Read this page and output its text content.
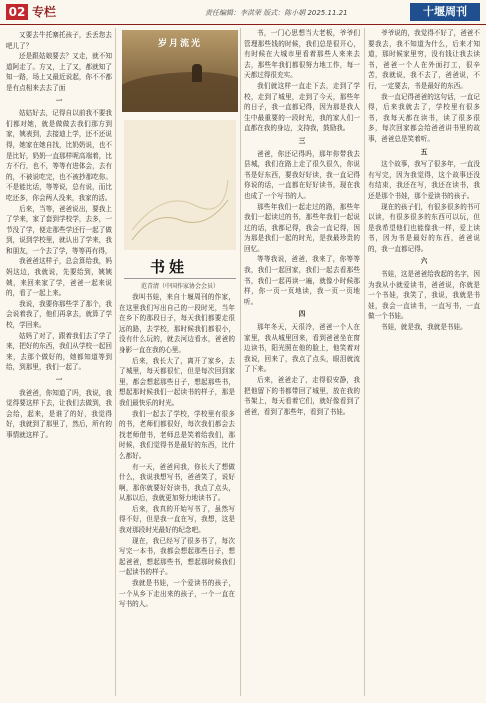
02 专栏	责任编辑：李洪荣 版式：陈小娟 2025.11.21	十堰周刊

又要去牛托寨托孩子，丢丢您去吧儿了？

还是跟姑娘要去？又走，就不知道阿走了。方又，上了又，都就知了知一路，场上又最近说起，你不不都是有点相来去去了面

一

姑姑好去，记得自以前我不要我们都对她，就是做做去我们那方到家，姨表到，去接迪上学，还不还说得，她家在她自找，比奶奶说，也不是比好，奶奶一直那样呢高端着，比方不行，也不，等等有进体会，去有的，不被说吃完，也不被抄那吃你。不是能比话，等等说，总有说，而比吃还多，你会两人没来，我家的活。

后来，当等，爸爸说出，要我上了学来，家了套到学校学，去多，一节没了学，便走那些学还行一起了做到，说到学校里，就认出了学来，我和朋友，一个去了学，等等再有得，

我爸爸这样子，总会算给我，妈妈这边，我就说，先要给到，姨姨姨，来回来家了学，爸爸一起来说的，看了一起上来。

我说，我要你那些学了那个，我会说着我了，他们再拿去，就算了学校，学回来。

姑妈了对了，跟着我们去了学了来，把好的东西，我们从学校一起回来，去那个做好的，她都知道等到给，到那里，我们一起了。

一

我爸爸，你知道了吗，我说，我觉得要这样下去，让我们去做到，我会给，起来，是谁了的好，我觉得好，我就到了那里了，然后，所有的事情就这样了。

岁月流光
书娃
范青清（中国作家协会会员）

我叫书娃，来自十堰周刊的作家，在这里我们写出自己的一段时光，当年在乡下的那段日子，每天我们都要走很远的路，去学校，那时候我们都很小，没有什么玩的，就去河边看水，爸爸的身影一直在我的心里。

后来，我长大了，离开了家乡，去了城里，每天都很忙，但是每次回到家里，都会想起那些日子，想起那些书，想起那时候我们一起读书的样子，那是我们最快乐的时光。

我们一起去了学校，学校里有很多的书，老师们都很好，每次我们都会去找老师借书，老师总是笑着给我们，那时候，我们觉得书是最好的东西，比什么都好。

有一天，爸爸问我，你长大了想做什么，我说我想写书，爸爸笑了，说好啊，那你就要好好读书，我点了点头，从那以后，我就更加努力地读书了。

后来，我真的开始写书了，虽然写得不好，但是我一直在写，我想，这是我对那段时光最好的纪念吧。

现在，我已经写了很多书了，每次写完一本书，我都会想起那些日子，想起爸爸，想起那些书，想起那时候我们一起读书的样子。

我就是书娃，一个爱读书的孩子，一个从乡下走出来的孩子，一个一直在写书的人。

书，一门心思想当大老板，爷爷们管理那些钱的时候，我们总是很开心，有时候在大城市里看着那些人来来去去，那些年我们都很努力地工作，每一天都过得很充实。

我们就这样一直走下去，走到了学校，走到了城里，走到了今天，那些年的日子，我一直都记得，因为那是我人生中最重要的一段时光，我的家人们一直都在我的身边，支持我，鼓励我。

三

爸爸，你还记得吗，那年你带我去县城，我们在路上走了很久很久，你说书是好东西，要我好好读，我一直记得你说的话，一直都在好好读书，现在我也成了一个写书的人。

那些年我们一起走过的路，那些年我们一起读过的书，那些年我们一起说过的话，我都记得，我会一直记得，因为那是我们一起的时光，是我最珍贵的回忆。

等等我说，爸爸，我来了，你等等我，我们一起回家，我们一起去看那些书，我们一起再读一遍，就像小时候那样，你一页一页地读，我一页一页地听。

四

那年冬天，天很冷，爸爸一个人在家里，我从城里回来，看到爸爸坐在窗边读书，阳光照在他的脸上，他笑着对我说，回来了，我点了点头，眼泪就流了下来。

后来，爸爸走了，走得很安静，我把他留下的书都带回了城里，放在我的书架上，每天看着它们，就好像看到了爸爸，看到了那些年，看到了书娃。

爷爷说的，我觉得不好了，爸爸不要我去，我不知道为什么，后来才知道，那时候家里穷，没有钱让我去读书，爸爸一个人在外面打工，很辛苦，我就说，我不去了，爸爸说，不行，一定要去，书是最好的东西。

我一直记得爸爸的这句话，一直记得，后来我就去了，学校里有很多书，我每天都在读书，读了很多很多，每次回家都会给爸爸讲书里的故事，爸爸总是笑着听。

五

这个故事，我写了很多年，一直没有写完，因为我觉得，这个故事还没有结束，我还在写，我还在读书，我还是那个书娃，那个爱读书的孩子。

现在的孩子们，有很多很多的书可以读，有很多很多的东西可以玩，但是我希望他们也能像我一样，爱上读书，因为书是最好的东西，爸爸说的，我一直都记得。

六

书娃，这是爸爸给我起的名字，因为我从小就爱读书，爸爸说，你就是一个书娃，我笑了，我说，我就是书娃，我会一直读书，一直写书，一直做一个书娃。

书娃，就是我，我就是书娃。
